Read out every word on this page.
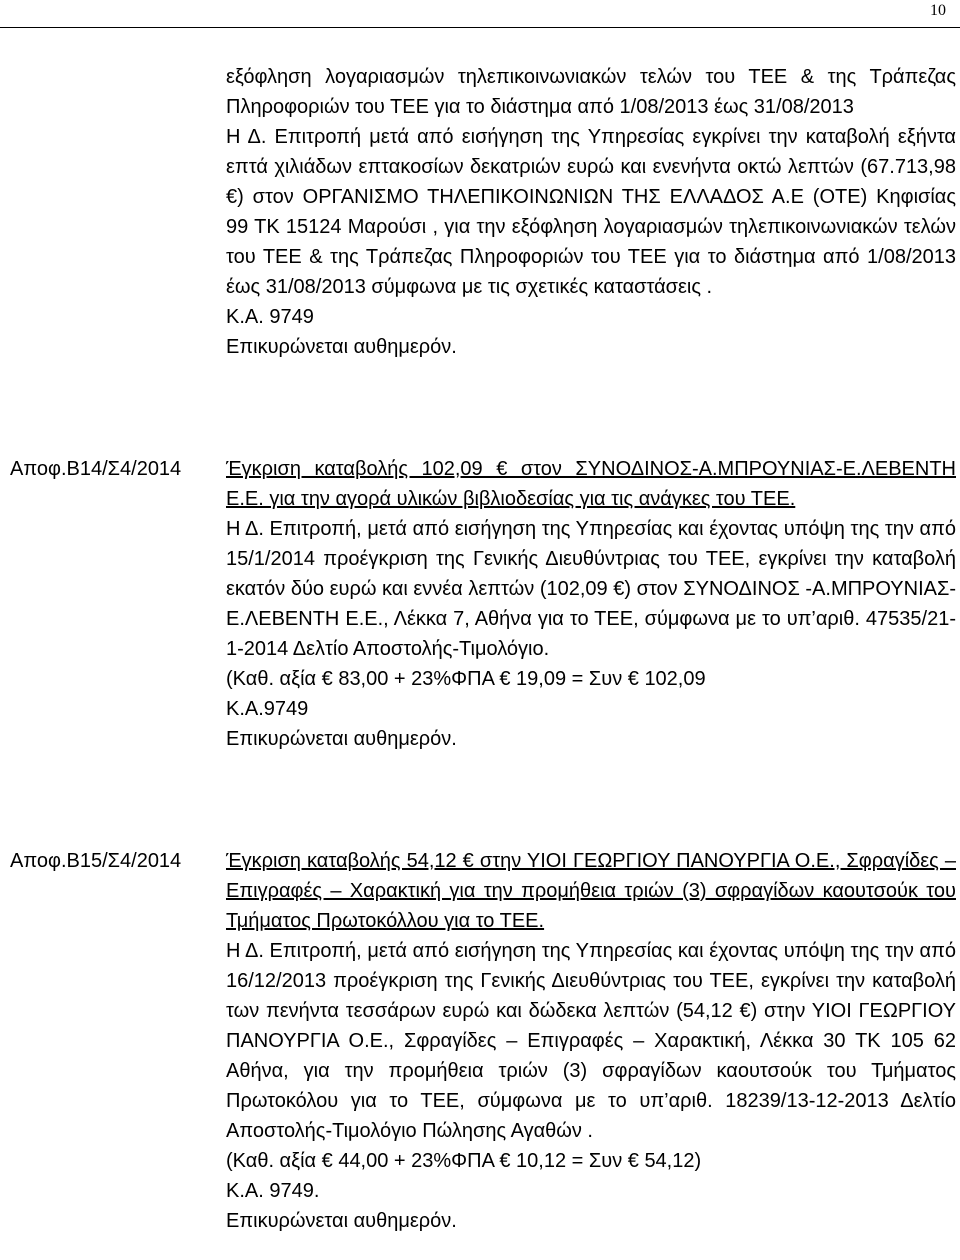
10

εξόφληση λογαριασμών τηλεπικοινωνιακών τελών του ΤΕΕ & της Τράπεζας Πληροφοριών του ΤΕΕ για το διάστημα από 1/08/2013 έως 31/08/2013

Η Δ. Επιτροπή μετά από εισήγηση της Υπηρεσίας εγκρίνει την καταβολή εξήντα επτά χιλιάδων επτακοσίων δεκατριών ευρώ και ενενήντα οκτώ λεπτών (67.713,98 €) στον ΟΡΓΑΝΙΣΜΟ ΤΗΛΕΠΙΚΟΙΝΩΝΙΩΝ ΤΗΣ ΕΛΛΑΔΟΣ Α.Ε (ΟΤΕ) Κηφισίας 99 ΤΚ 15124 Μαρούσι , για την εξόφληση λογαριασμών τηλεπικοινωνιακών τελών του ΤΕΕ & της Τράπεζας Πληροφοριών του ΤΕΕ για το διάστημα από 1/08/2013 έως 31/08/2013 σύμφωνα με τις σχετικές καταστάσεις .

Κ.Α. 9749

Επικυρώνεται αυθημερόν.

Αποφ.Β14/Σ4/2014	Έγκριση καταβολής 102,09 € στον ΣΥΝΟΔΙΝΟΣ-Α.ΜΠΡΟΥΝΙΑΣ-Ε.ΛΕΒΕΝΤΗ Ε.Ε. για την αγορά υλικών βιβλιοδεσίας για τις ανάγκες του ΤΕΕ.

Η Δ. Επιτροπή, μετά από εισήγηση της Υπηρεσίας και έχοντας υπόψη της την από 15/1/2014 προέγκριση της Γενικής Διευθύντριας του ΤΕΕ, εγκρίνει την καταβολή εκατόν δύο ευρώ και εννέα λεπτών (102,09 €) στον ΣΥΝΟΔΙΝΟΣ -Α.ΜΠΡΟΥΝΙΑΣ-Ε.ΛΕΒΕΝΤΗ Ε.Ε., Λέκκα 7, Αθήνα για το ΤΕΕ, σύμφωνα με το υπ’αριθ. 47535/21-1-2014 Δελτίο Αποστολής-Τιμολόγιο.

(Καθ. αξία € 83,00 + 23%ΦΠΑ € 19,09 = Συν € 102,09

Κ.Α.9749

Επικυρώνεται αυθημερόν.

Αποφ.Β15/Σ4/2014	Έγκριση καταβολής 54,12 € στην ΥΙΟΙ ΓΕΩΡΓΙΟΥ ΠΑΝΟΥΡΓΙΑ Ο.Ε., Σφραγίδες – Επιγραφές – Χαρακτική για την προμήθεια τριών (3) σφραγίδων καουτσούκ του Τμήματος Πρωτοκόλλου για το ΤΕΕ.

Η Δ. Επιτροπή, μετά από εισήγηση της Υπηρεσίας και έχοντας υπόψη της την από 16/12/2013 προέγκριση της Γενικής Διευθύντριας του ΤΕΕ, εγκρίνει την καταβολή των πενήντα τεσσάρων ευρώ και δώδεκα λεπτών (54,12 €) στην ΥΙΟΙ ΓΕΩΡΓΙΟΥ ΠΑΝΟΥΡΓΙΑ Ο.Ε., Σφραγίδες – Επιγραφές – Χαρακτική, Λέκκα 30 ΤΚ 105 62 Αθήνα, για την προμήθεια τριών (3) σφραγίδων καουτσούκ του Τμήματος Πρωτοκόλου για το ΤΕΕ, σύμφωνα με το υπ’αριθ. 18239/13-12-2013 Δελτίο Αποστολής-Τιμολόγιο Πώλησης Αγαθών .

(Καθ. αξία € 44,00 + 23%ΦΠΑ € 10,12 = Συν € 54,12)

Κ.Α. 9749.

Επικυρώνεται αυθημερόν.
